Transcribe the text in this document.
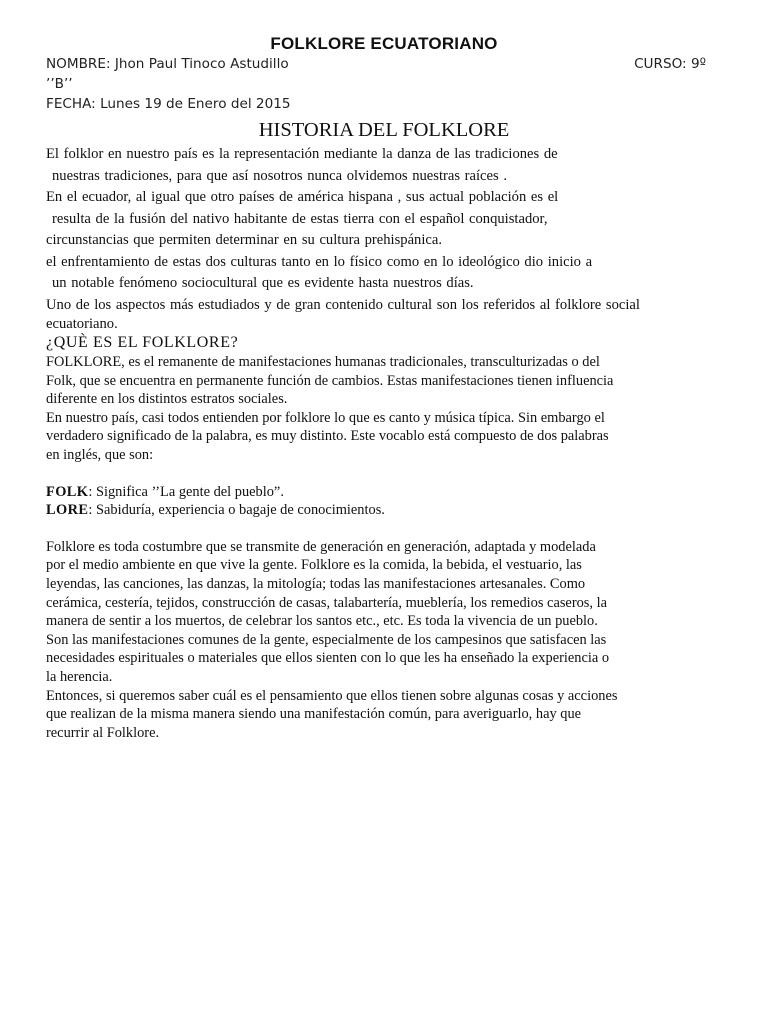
FOLKLORE ECUATORIANO
NOMBRE: Jhon Paul Tinoco Astudillo	CURSO: 9º
’’B’’
FECHA: Lunes 19 de Enero del 2015
HISTORIA DEL FOLKLORE

El folklor en nuestro país es la representación mediante la danza de las tradiciones de

nuestras tradiciones, para que así nosotros nunca olvidemos nuestras raíces .

En el ecuador, al igual que otro países de américa hispana , sus actual población es el

resulta de la fusión del nativo habitante de estas tierra con el español conquistador,

circunstancias que permiten determinar en su cultura prehispánica.

el enfrentamiento de estas dos culturas tanto en lo físico como en lo ideológico dio inicio a

un notable fenómeno sociocultural que es evidente hasta nuestros días.

Uno de los aspectos más estudiados y de gran contenido cultural son los referidos al folklore social

ecuatoriano.

¿QUÈ ES EL FOLKLORE?

FOLKLORE, es el remanente de manifestaciones humanas tradicionales, transculturizadas o del

Folk, que se encuentra en permanente función de cambios. Estas manifestaciones tienen influencia

diferente en los distintos estratos sociales.

En nuestro país, casi todos entienden por folklore lo que es canto y música típica. Sin embargo el

verdadero significado de la palabra, es muy distinto. Este vocablo está compuesto de dos palabras

en inglés, que son:

FOLK: Significa ’’La gente del pueblo”.

LORE: Sabiduría, experiencia o bagaje de conocimientos.

Folklore es toda costumbre que se transmite de generación en generación, adaptada y modelada

por el medio ambiente en que vive la gente. Folklore es la comida, la bebida, el vestuario, las

leyendas, las canciones, las danzas, la mitología; todas las manifestaciones artesanales. Como

cerámica, cestería, tejidos, construcción de casas, talabartería, mueblería, los remedios caseros, la

manera de sentir a los muertos, de celebrar los santos etc., etc. Es toda la vivencia de un pueblo.

Son las manifestaciones comunes de la gente, especialmente de los campesinos que satisfacen las

necesidades espirituales o materiales que ellos sienten con lo que les ha enseñado la experiencia o

la herencia.

Entonces, si queremos saber cuál es el pensamiento que ellos tienen sobre algunas cosas y acciones

que realizan de la misma manera siendo una manifestación común, para averiguarlo, hay que

recurrir al Folklore.
